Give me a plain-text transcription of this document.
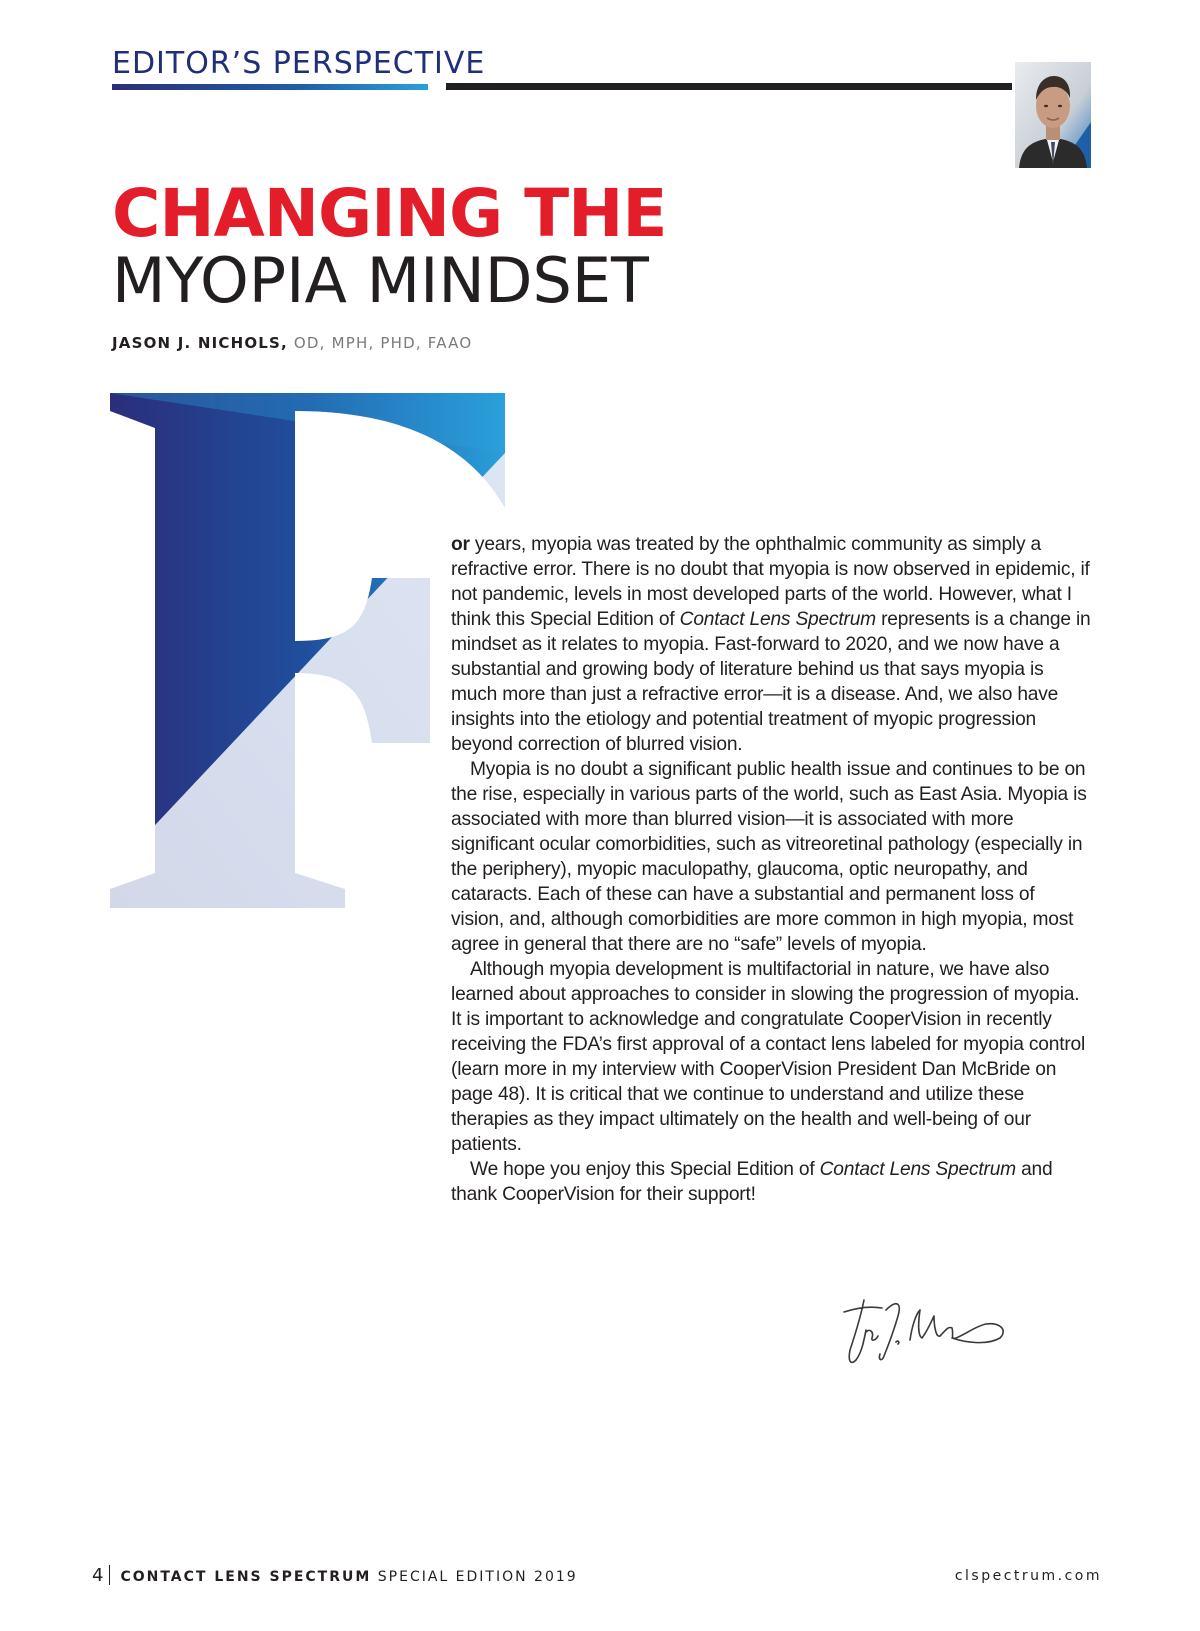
EDITOR’S PERSPECTIVE
CHANGING THE
MYOPIA MINDSET
JASON J. NICHOLS, OD, MPH, PHD, FAAO

or years, myopia was treated by the ophthalmic community as simply a refractive error. There is no doubt that myopia is now observed in epidemic, if not pandemic, levels in most developed parts of the world. However, what I think this Special Edition of Contact Lens Spectrum represents is a change in mindset as it relates to myopia. Fast-forward to 2020, and we now have a substantial and growing body of literature behind us that says myopia is much more than just a refractive error—it is a disease. And, we also have insights into the etiology and potential treatment of myopic progression beyond correction of blurred vision.

Myopia is no doubt a significant public health issue and continues to be on the rise, especially in various parts of the world, such as East Asia. Myopia is associated with more than blurred vision—it is associated with more significant ocular comorbidities, such as vitreoretinal pathology (especially in the periphery), myopic maculopathy, glaucoma, optic neuropathy, and cataracts. Each of these can have a substantial and permanent loss of vision, and, although comorbidities are more common in high myopia, most agree in general that there are no “safe” levels of myopia.

Although myopia development is multifactorial in nature, we have also learned about approaches to consider in slowing the progression of myopia. It is important to acknowledge and congratulate CooperVision in recently receiving the FDA’s first approval of a contact lens labeled for myopia control (learn more in my interview with CooperVision President Dan McBride on page 48). It is critical that we continue to understand and utilize these therapies as they impact ultimately on the health and well-being of our patients.

We hope you enjoy this Special Edition of Contact Lens Spectrum and thank CooperVision for their support!

4 CONTACT LENS SPECTRUM SPECIAL EDITION 2019	clspectrum.com
